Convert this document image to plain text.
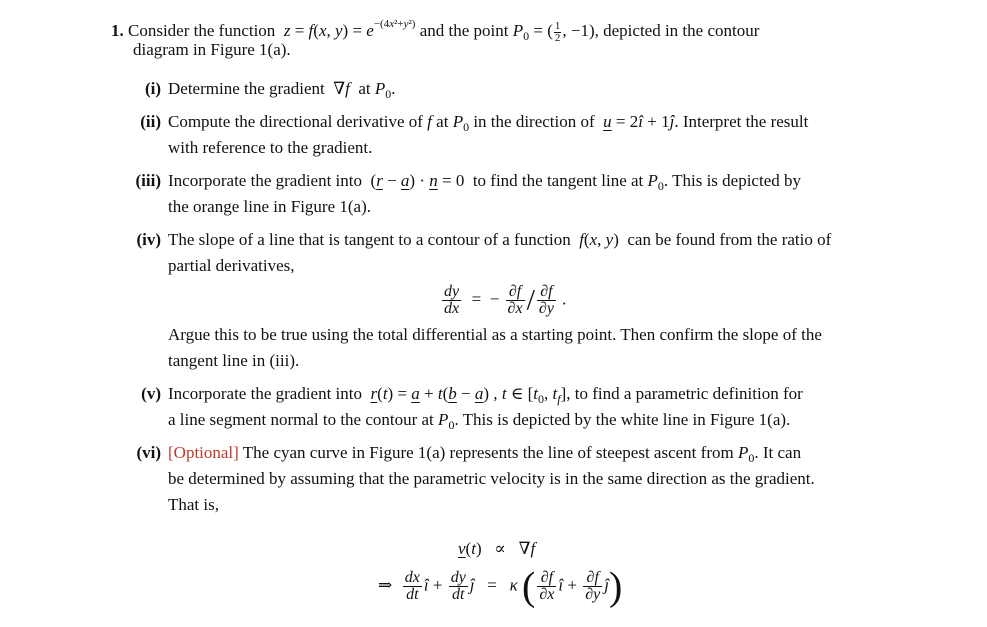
1. Consider the function z = f(x, $y) = e^{-(4x^2+y^2)}$ and the point $P_0$ = ( $\frac{1}{2}$ , −1), depicted in the contour
diagram in Figure 1(a).
(i) Determine the gradient  ∇f at $P_0$.
(ii) Compute the directional derivative of f at $P_0$ in the direction of u = 2î + 1ĵ. Interpret the result
with reference to the gradient.
(iii) Incorporate the gradient into  (r − a) · n = 0  to find the tangent line at $P_0$. This is depicted by
the orange line in Figure 1(a).
(iv) The slope of a line that is tangent to a contour of a function f(x, y)  can be found from the ratio of
partial derivatives,
$\frac{dy}{dx}$ =  − $\frac{\partial f}{\partial x} / \frac{\partial f}{\partial y}$ .
Argue this to be true using the total differential as a starting point. Then confirm the slope of the
tangent line in (iii).
(v) Incorporate the gradient into r(t) = a + t(b − a) , t ∈ [$t_0$, $t_f$], to find a parametric definition for
a line segment normal to the contour at $P_0$. This is depicted by the white line in Figure 1(a).
(vi) [Optional] The cyan curve in Figure 1(a) represents the line of steepest ascent from $P_0$. It can
be determined by assuming that the parametric velocity is in the same direction as the gradient.
That is,
v(t)   ∝   ∇f
⇒ $\frac{dx}{dt}$ î + $\frac{dy}{dt}$ ĵ   =   κ ( $\frac{\partial f}{\partial x}$ î + $\frac{\partial f}{\partial y}$ ĵ)
